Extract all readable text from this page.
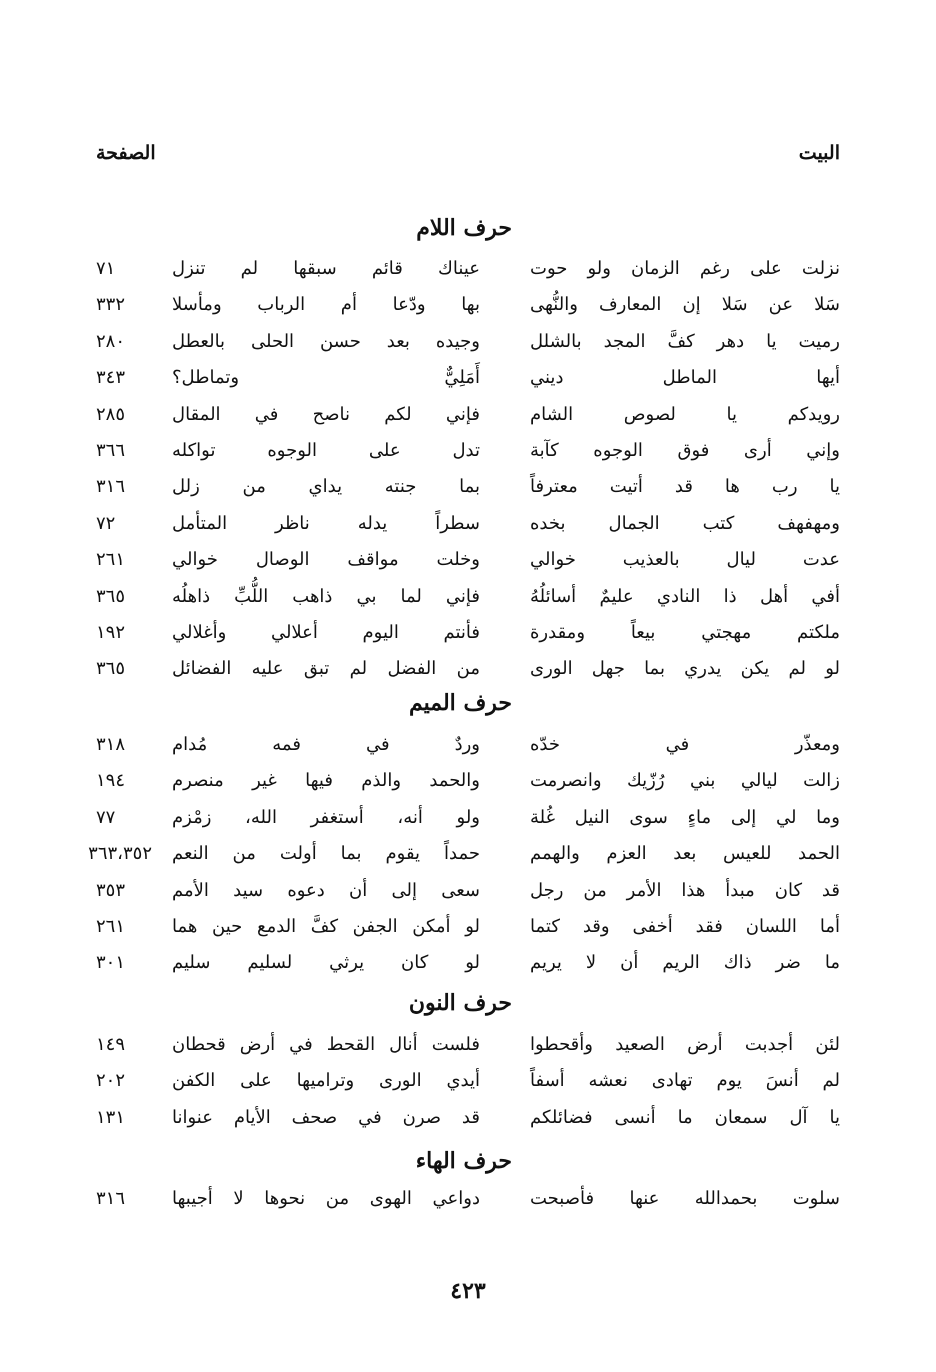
البيت
الصفحة
حرف اللام
نزلت على رغم الزمان ولو حوت
عيناك قائم سبقها لم تنزل
٧١
سَلا عن سَلا إن المعارف والنُّهى
بها ودّعا أم الرباب ومأسلا
٣٣٢
رميت يا دهر كفَّ المجد بالشلل
وجيده بعد حسن الحلى بالعطل
٢٨٠
أيها الماطل ديني
أَمَلِيٌّ وتماطل؟
٣٤٣
رويدكم يا لصوص الشام
فإني لكم ناصح في المقال
٢٨٥
وإني أرى فوق الوجوه كآبة
تدل على الوجوه تواكله
٣٦٦
يا رب ها قد أتيت معترفاً
بما جنته يداي من زلل
٣١٦
ومهفهف كتب الجمال بخده
سطراً يدله ناظر المتأمل
٧٢
عدت ليال بالعذيب خوالي
وخلت مواقف الوصال خوالي
٢٦١
أفي أهل ذا النادي عليمٌ أسائلُهُ
فإني لما بي ذاهب اللُّبِّ ذاهلُه
٣٦٥
ملكتم مهجتي بيعاً ومقدرة
فأنتم اليوم أعلالي وأغلالي
١٩٢
لو لم يكن يدري بما جهل الورى
من الفضل لم تبق عليه الفضائل
٣٦٥
حرف الميم
ومعذّر في خدّه
وردٌ في فمه مُدام
٣١٨
زالت ليالي بني رُزّيك وانصرمت
والحمد والذم فيها غير منصرم
١٩٤
وما لي إلى ماءٍ سوى النيل غُلة
ولو أنه، أستغفر الله، زمْزم
٧٧
الحمد للعيس بعد العزم والهمم
حمداً يقوم بما أولت من النعم
٣٦٣،٣٥٢
قد كان مبدأ هذا الأمر من رجل
سعى إلى أن دعوه سيد الأمم
٣٥٣
أما اللسان فقد أخفى وقد كتما
لو أمكن الجفن كفَّ الدمع حين هما
٢٦١
ما ضر ذاك الريم أن لا يريم
لو كان يرثي لسليم سليم
٣٠١
حرف النون
لئن أجدبت أرض الصعيد وأقحطوا
فلست أنال القحط في أرض قحطان
١٤٩
لم أنسَ يوم تهادى نعشه أسفاً
أيدي الورى وتراميها على الكفن
٢٠٢
يا آل سمعان ما أنسى فضائلكم
قد صرن في صحف الأيام عنوانا
١٣١
حرف الهاء
سلوت بحمدالله عنها فأصبحت
دواعي الهوى من نحوها لا أجيبها
٣١٦
٤٢٣
